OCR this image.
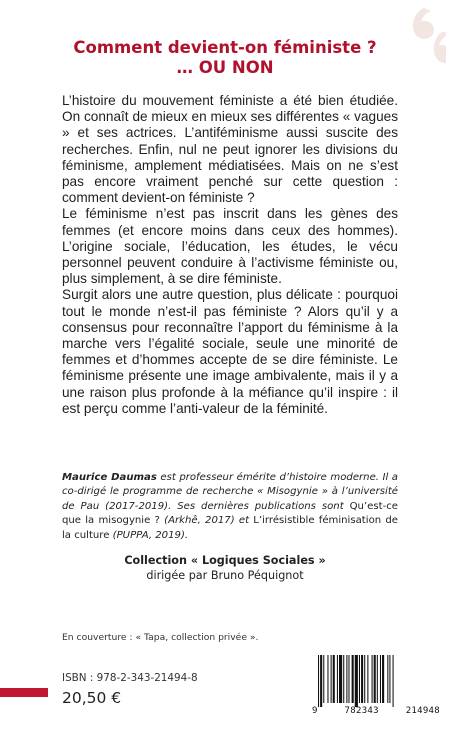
Comment devient-on féministe ?
… OU NON

L’histoire du mouvement féministe a été bien étudiée. On connaît de mieux en mieux ses différentes « vagues » et ses actrices. L’antiféminisme aussi suscite des recherches. Enfin, nul ne peut ignorer les divisions du féminisme, amplement médiatisées. Mais on ne s’est pas encore vraiment penché sur cette question : comment devient-on féministe ?

Le féminisme n’est pas inscrit dans les gènes des femmes (et encore moins dans ceux des hommes). L’origine sociale, l’éducation, les études, le vécu personnel peuvent conduire à l’activisme féministe ou, plus simplement, à se dire féministe.

Surgit alors une autre question, plus délicate : pourquoi tout le monde n’est-il pas féministe ? Alors qu’il y a consensus pour reconnaître l’apport du féminisme à la marche vers l’égalité sociale, seule une minorité de femmes et d’hommes accepte de se dire féministe. Le féminisme présente une image ambivalente, mais il y a une raison plus profonde à la méfiance qu’il inspire : il est perçu comme l’anti-valeur de la féminité.

Maurice Daumas est professeur émérite d’histoire moderne. Il a co-dirigé le programme de recherche « Misogynie » à l’université de Pau (2017-2019). Ses dernières publications sont Qu’est-ce que la misogynie ? (Arkhê, 2017) et L’irrésistible féminisation de la culture (PUPPA, 2019).
Collection « Logiques Sociales »
dirigée par Bruno Péquignot
En couverture : « Tapa, collection privée ».
ISBN : 978-2-343-21494-8
20,50 €
9	782343	214948
